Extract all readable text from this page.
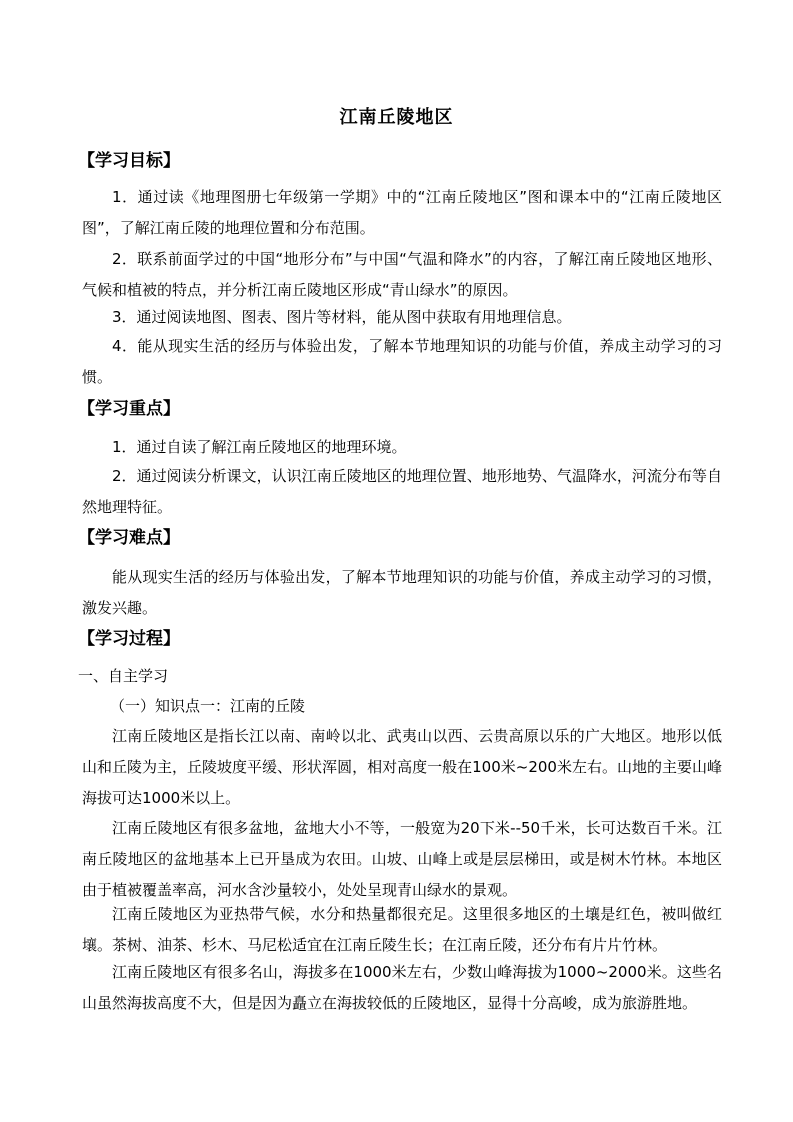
江南丘陵地区
【学习目标】

1．通过读《地理图册七年级第一学期》中的“江南丘陵地区”图和课本中的“江南丘陵地区图”，了解江南丘陵的地理位置和分布范围。

2．联系前面学过的中国“地形分布”与中国“气温和降水”的内容，了解江南丘陵地区地形、气候和植被的特点，并分析江南丘陵地区形成“青山绿水”的原因。

3．通过阅读地图、图表、图片等材料，能从图中获取有用地理信息。

4．能从现实生活的经历与体验出发，了解本节地理知识的功能与价值，养成主动学习的习惯。

【学习重点】

1．通过自读了解江南丘陵地区的地理环境。

2．通过阅读分析课文，认识江南丘陵地区的地理位置、地形地势、气温降水，河流分布等自然地理特征。

【学习难点】

能从现实生活的经历与体验出发，了解本节地理知识的功能与价值，养成主动学习的习惯，激发兴趣。

【学习过程】

一、自主学习

（一）知识点一：江南的丘陵

江南丘陵地区是指长江以南、南岭以北、武夷山以西、云贵高原以乐的广大地区。地形以低山和丘陵为主，丘陵坡度平缓、形状浑圆，相对高度一般在100米~200米左右。山地的主要山峰海拔可达1000米以上。

江南丘陵地区有很多盆地，盆地大小不等，一般宽为20下米--50千米，长可达数百千米。江南丘陵地区的盆地基本上已开垦成为农田。山坡、山峰上或是层层梯田，或是树木竹林。本地区由于植被覆盖率高，河水含沙量较小，处处呈现青山绿水的景观。

江南丘陵地区为亚热带气候，水分和热量都很充足。这里很多地区的土壤是红色，被叫做红壤。茶树、油茶、杉木、马尼松适宜在江南丘陵生长；在江南丘陵，还分布有片片竹林。

江南丘陵地区有很多名山，海拔多在1000米左右，少数山峰海拔为1000~2000米。这些名山虽然海拔高度不大，但是因为矗立在海拔较低的丘陵地区，显得十分高峻，成为旅游胜地。
